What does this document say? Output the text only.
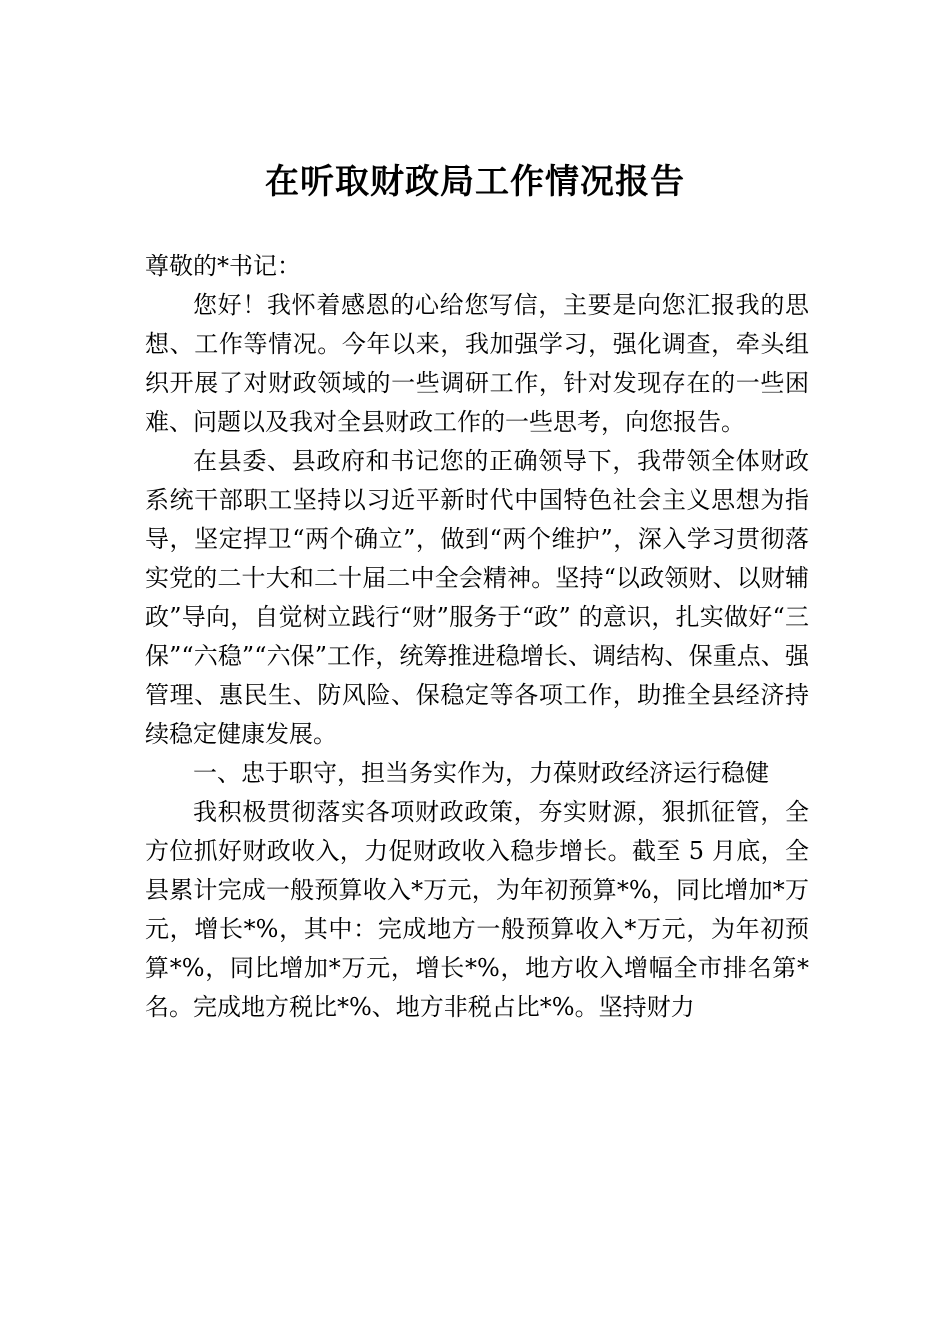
在听取财政局工作情况报告

尊敬的*书记：

您好！我怀着感恩的心给您写信，主要是向您汇报我的思想、工作等情况。今年以来，我加强学习，强化调查，牵头组织开展了对财政领域的一些调研工作，针对发现存在的一些困难、问题以及我对全县财政工作的一些思考，向您报告。

在县委、县政府和书记您的正确领导下，我带领全体财政系统干部职工坚持以习近平新时代中国特色社会主义思想为指导，坚定捍卫“两个确立”，做到“两个维护”，深入学习贯彻落实党的二十大和二十届二中全会精神。坚持“以政领财、以财辅政”导向，自觉树立践行“财”服务于“政” 的意识，扎实做好“三保”“六稳”“六保”工作，统筹推进稳增长、调结构、保重点、强管理、惠民生、防风险、保稳定等各项工作，助推全县经济持续稳定健康发展。

一、忠于职守，担当务实作为，力葆财政经济运行稳健

我积极贯彻落实各项财政政策，夯实财源，狠抓征管，全方位抓好财政收入，力促财政收入稳步增长。截至 5 月底，全县累计完成一般预算收入*万元，为年初预算*%，同比增加*万元，增长*%，其中：完成地方一般预算收入*万元，为年初预算*%，同比增加*万元，增长*%，地方收入增幅全市排名第*名。完成地方税比*%、地方非税占比*%。坚持财力
